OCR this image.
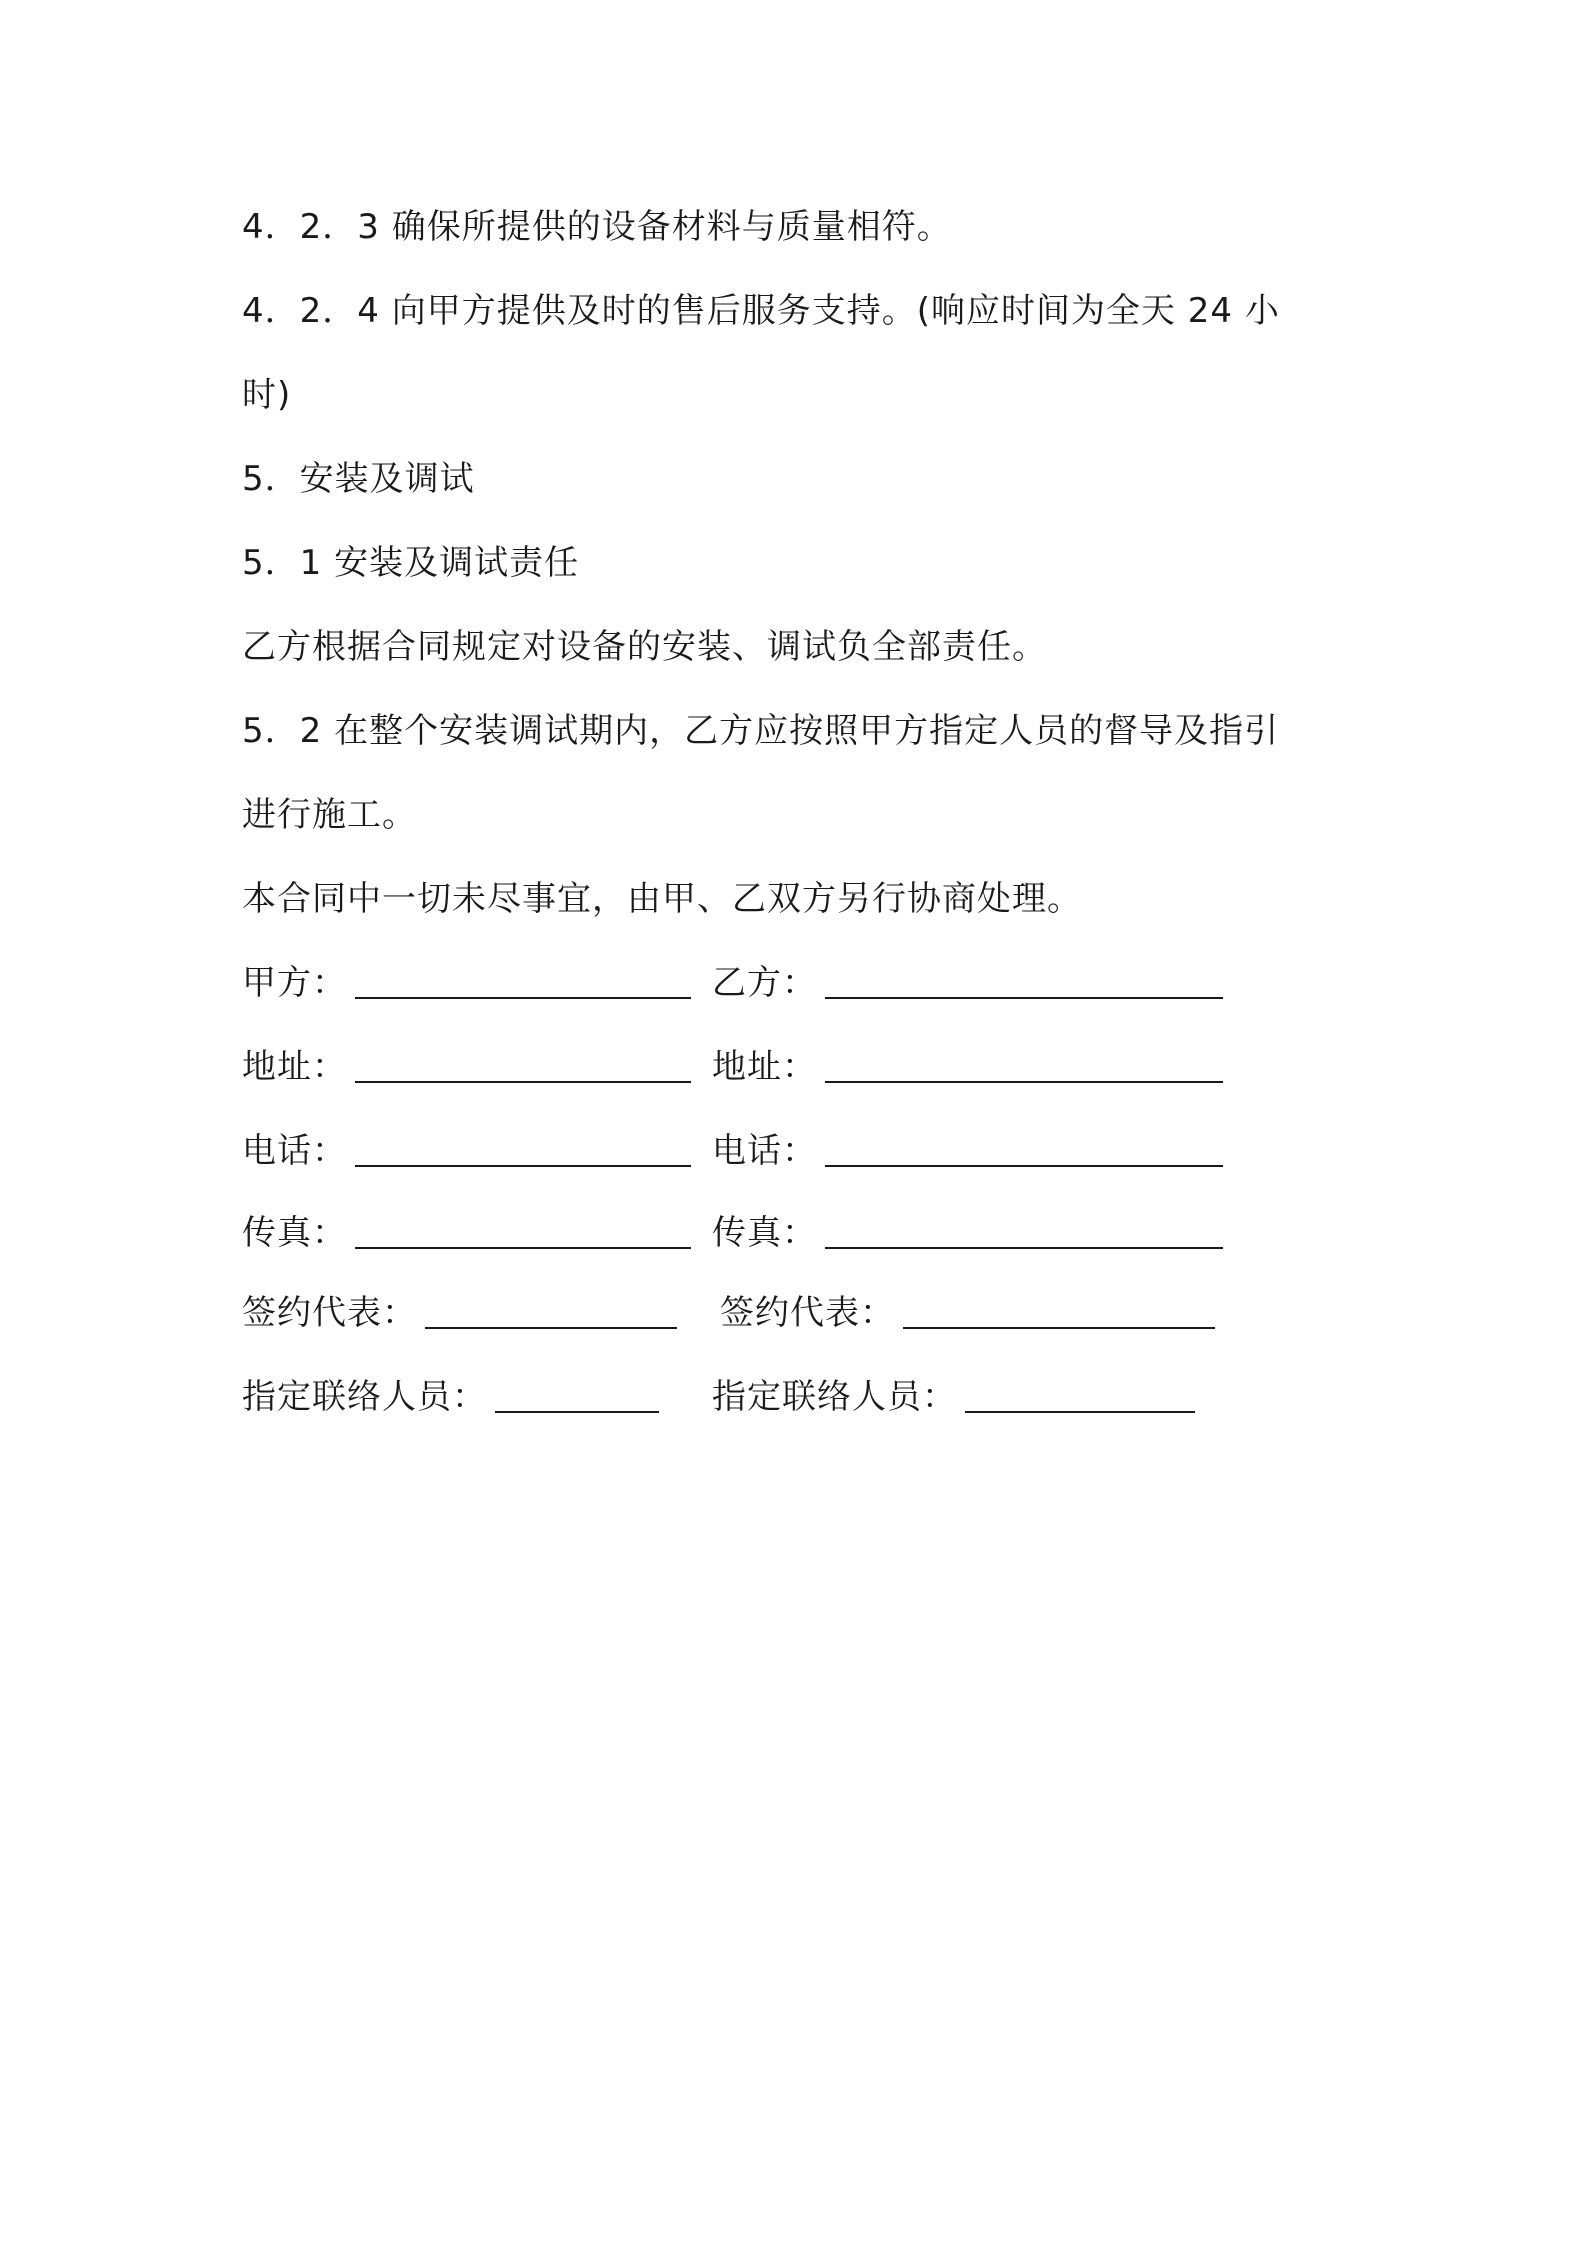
4．2．3 确保所提供的设备材料与质量相符。
4．2．4 向甲方提供及时的售后服务支持。(响应时间为全天 24 小
时)
5．安装及调试
5．1 安装及调试责任
乙方根据合同规定对设备的安装、调试负全部责任。
5．2 在整个安装调试期内，乙方应按照甲方指定人员的督导及指引
进行施工。
本合同中一切未尽事宜，由甲、乙双方另行协商处理。
甲方：	乙方：
地址：	地址：
电话：	电话：
传真：	传真：
签约代表：	签约代表：
指定联络人员：	指定联络人员：
